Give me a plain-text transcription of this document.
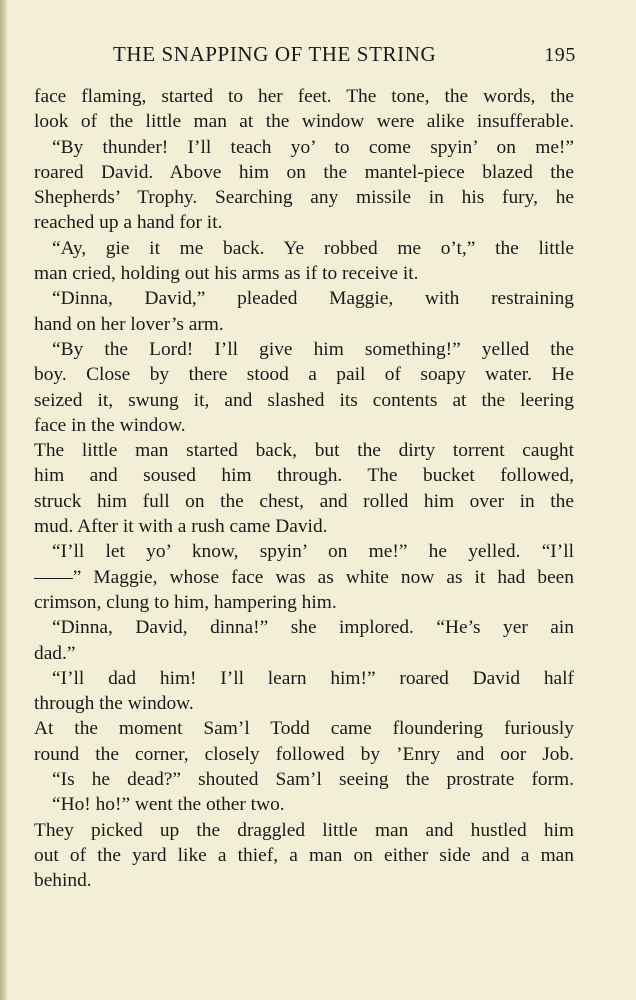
THE SNAPPING OF THE STRING	195
face flaming, started to her feet. The tone, the words, the
look of the little man at the window were alike insufferable.
“By thunder! I’ll teach yo’ to come spyin’ on me!”
roared David. Above him on the mantel-piece blazed the
Shepherds’ Trophy. Searching any missile in his fury, he
reached up a hand for it.
“Ay, gie it me back. Ye robbed me o’t,” the little
man cried, holding out his arms as if to receive it.
“Dinna, David,” pleaded Maggie, with restraining
hand on her lover’s arm.
“By the Lord! I’ll give him something!” yelled the
boy. Close by there stood a pail of soapy water. He
seized it, swung it, and slashed its contents at the leering
face in the window.
The little man started back, but the dirty torrent caught
him and soused him through. The bucket followed,
struck him full on the chest, and rolled him over in the
mud. After it with a rush came David.
“I’ll let yo’ know, spyin’ on me!” he yelled. “I’ll
——” Maggie, whose face was as white now as it had been
crimson, clung to him, hampering him.
“Dinna, David, dinna!” she implored. “He’s yer ain
dad.”
“I’ll dad him! I’ll learn him!” roared David half
through the window.
At the moment Sam’l Todd came floundering furiously
round the corner, closely followed by ’Enry and oor Job.
“Is he dead?” shouted Sam’l seeing the prostrate form.
“Ho! ho!” went the other two.
They picked up the draggled little man and hustled him
out of the yard like a thief, a man on either side and a man
behind.
